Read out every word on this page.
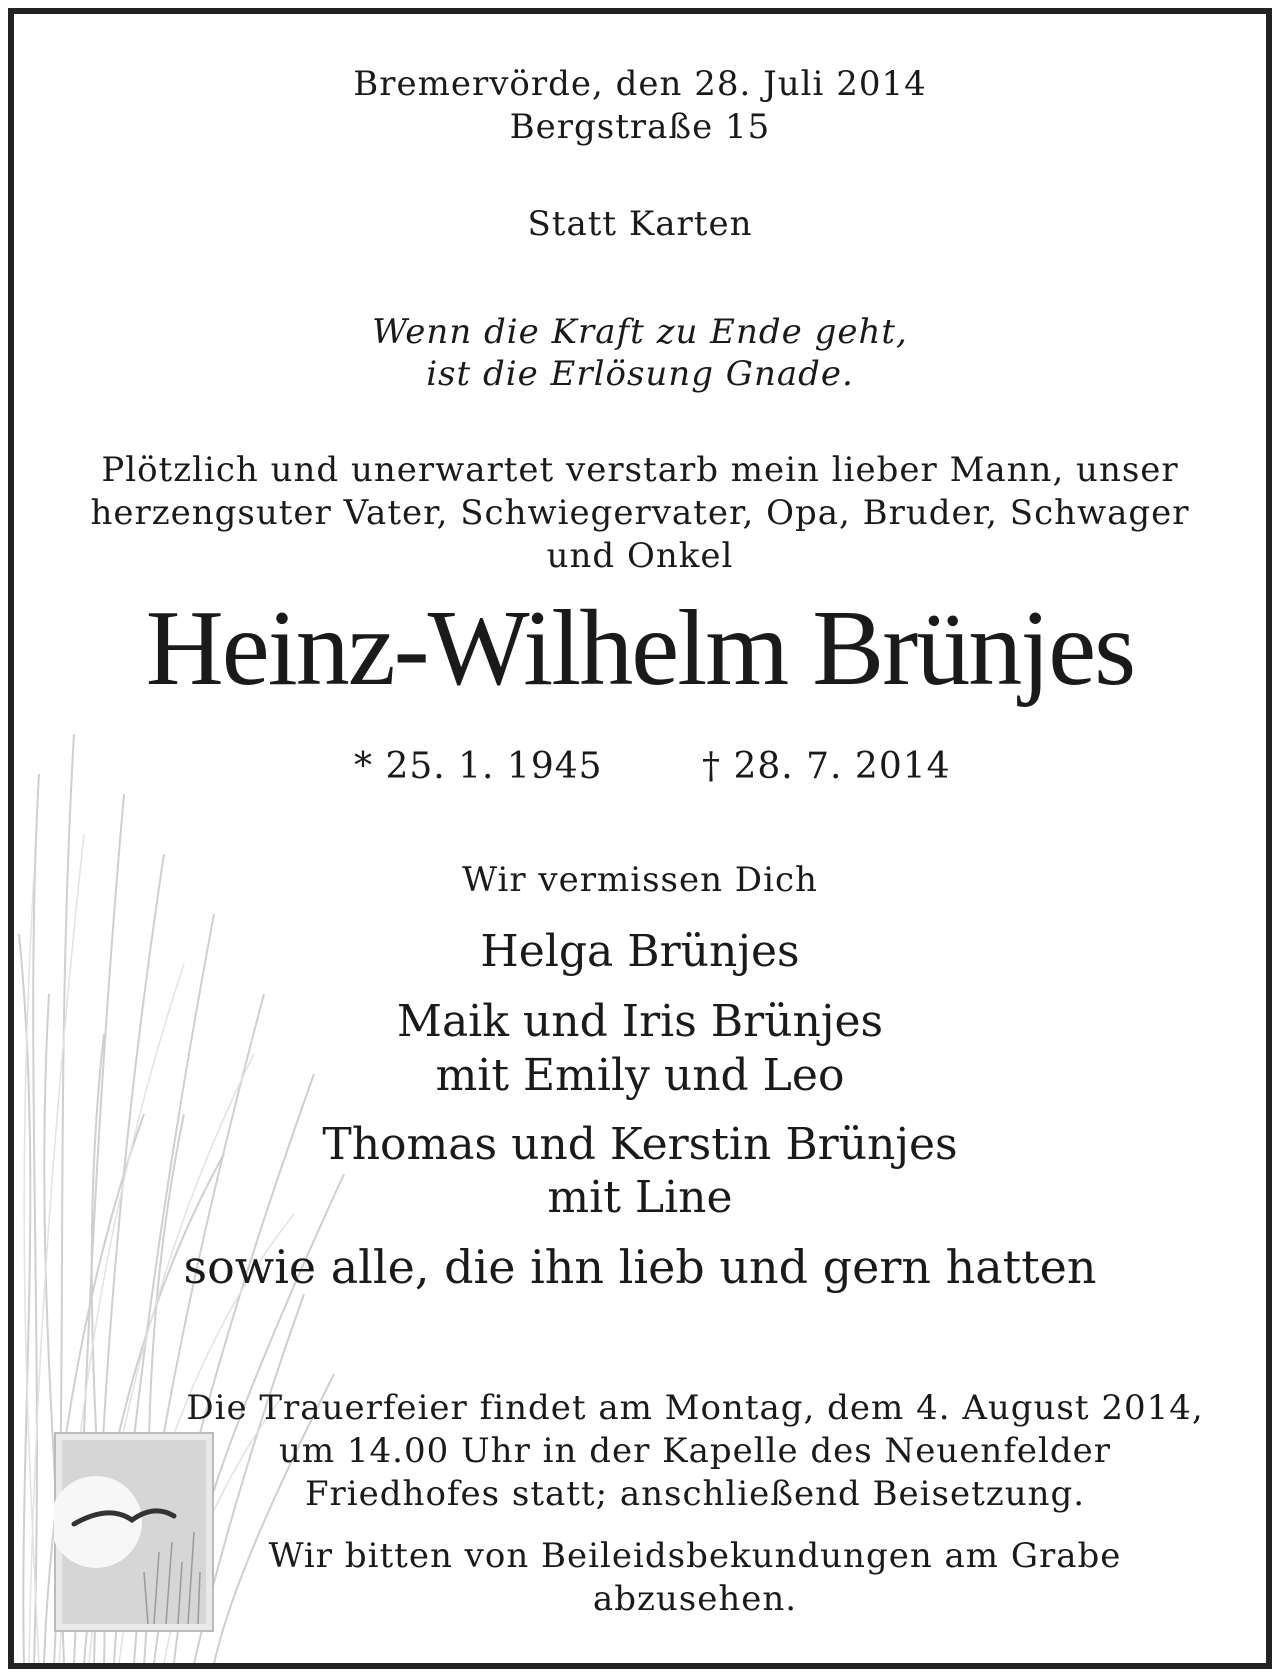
Bremervörde, den 28. Juli 2014
Bergstraße 15
Statt Karten
Wenn die Kraft zu Ende geht,
ist die Erlösung Gnade.
Plötzlich und unerwartet verstarb mein lieber Mann, unser
herzengsuter Vater, Schwiegervater, Opa, Bruder, Schwager
und Onkel
Heinz-Wilhelm Brünjes
* 25. 1. 1945	† 28. 7. 2014
Wir vermissen Dich
Helga Brünjes
Maik und Iris Brünjes
mit Emily und Leo
Thomas und Kerstin Brünjes
mit Line
sowie alle, die ihn lieb und gern hatten
Die Trauerfeier findet am Montag, dem 4. August 2014,
um 14.00 Uhr in der Kapelle des Neuenfelder
Friedhofes statt; anschließend Beisetzung.
Wir bitten von Beileidsbekundungen am Grabe
abzusehen.
